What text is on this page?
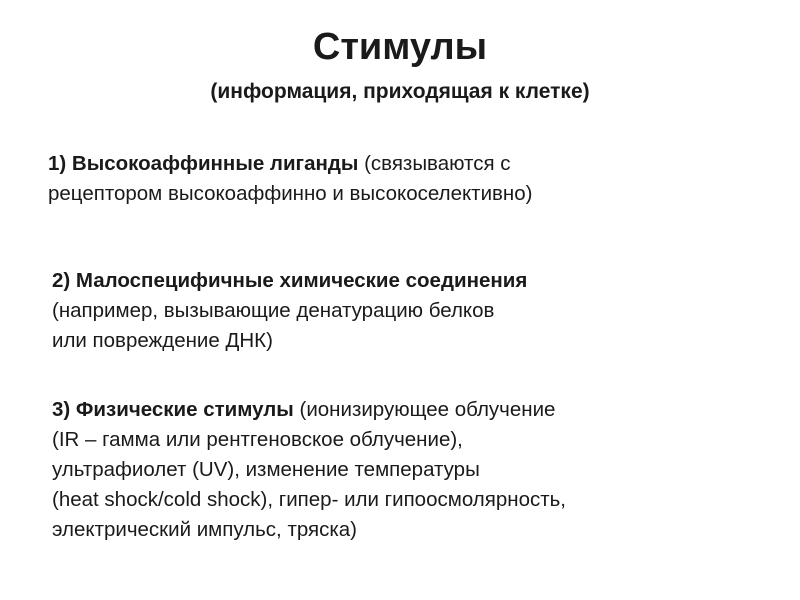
Стимулы
(информация, приходящая к клетке)
1) Высокоаффинные лиганды (связываются с
рецептором высокоаффинно и высокоселективно)
2) Малоспецифичные химические соединения
(например, вызывающие денатурацию белков
или повреждение ДНК)
3) Физические стимулы (ионизирующее облучение
(IR – гамма или рентгеновское облучение),
ультрафиолет (UV), изменение температуры
(heat shock/cold shock), гипер- или гипоосмолярность,
электрический импульс, тряска)
